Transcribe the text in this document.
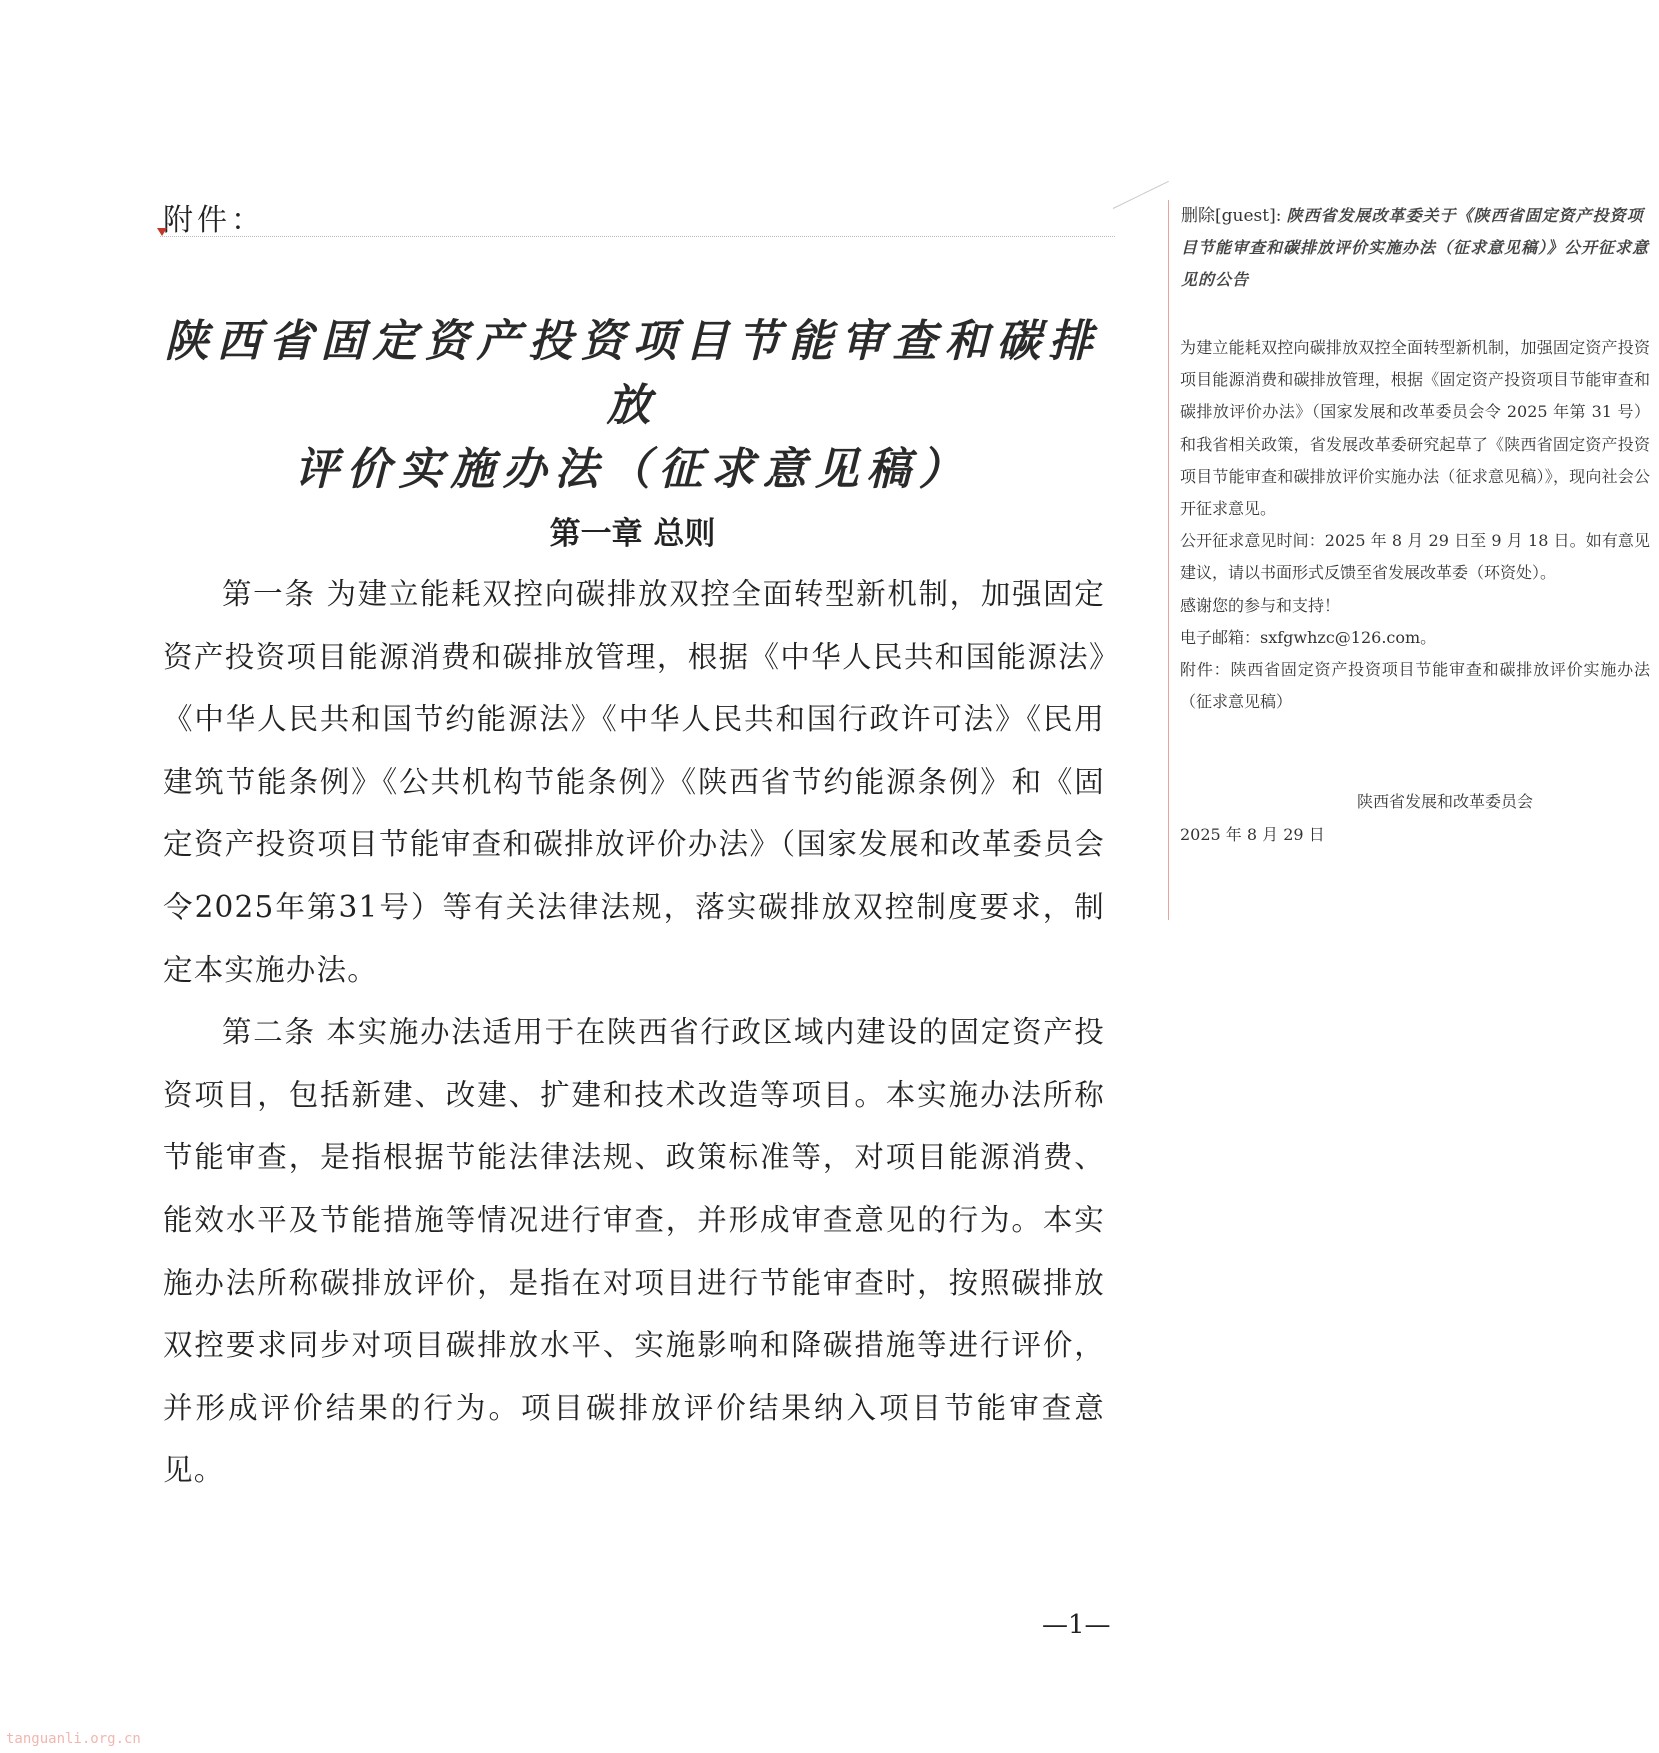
附件：
陕西省固定资产投资项目节能审查和碳排放
评价实施办法（征求意见稿）
第一章 总则

第一条 为建立能耗双控向碳排放双控全面转型新机制，加强固定资产投资项目能源消费和碳排放管理，根据《中华人民共和国能源法》《中华人民共和国节约能源法》《中华人民共和国行政许可法》《民用建筑节能条例》《公共机构节能条例》《陕西省节约能源条例》和《固定资产投资项目节能审查和碳排放评价办法》（国家发展和改革委员会令2025年第31号）等有关法律法规，落实碳排放双控制度要求，制定本实施办法。

第二条 本实施办法适用于在陕西省行政区域内建设的固定资产投资项目，包括新建、改建、扩建和技术改造等项目。本实施办法所称节能审查，是指根据节能法律法规、政策标准等，对项目能源消费、能效水平及节能措施等情况进行审查，并形成审查意见的行为。本实施办法所称碳排放评价，是指在对项目进行节能审查时，按照碳排放双控要求同步对项目碳排放水平、实施影响和降碳措施等进行评价，并形成评价结果的行为。项目碳排放评价结果纳入项目节能审查意见。

—1—
删除[guest]: 陕西省发展改革委关于《陕西省固定资产投资项目节能审查和碳排放评价实施办法（征求意见稿）》公开征求意见的公告

为建立能耗双控向碳排放双控全面转型新机制，加强固定资产投资项目能源消费和碳排放管理，根据《固定资产投资项目节能审查和碳排放评价办法》（国家发展和改革委员会令 2025 年第 31 号）和我省相关政策，省发展改革委研究起草了《陕西省固定资产投资项目节能审查和碳排放评价实施办法（征求意见稿）》，现向社会公开征求意见。

公开征求意见时间：2025 年 8 月 29 日至 9 月 18 日。如有意见建议，请以书面形式反馈至省发展改革委（环资处）。

感谢您的参与和支持！

电子邮箱：sxfgwhzc@126.com。

附件：陕西省固定资产投资项目节能审查和碳排放评价实施办法（征求意见稿）

陕西省发展和改革委员会
2025 年 8 月 29 日
tanguanli.org.cn
